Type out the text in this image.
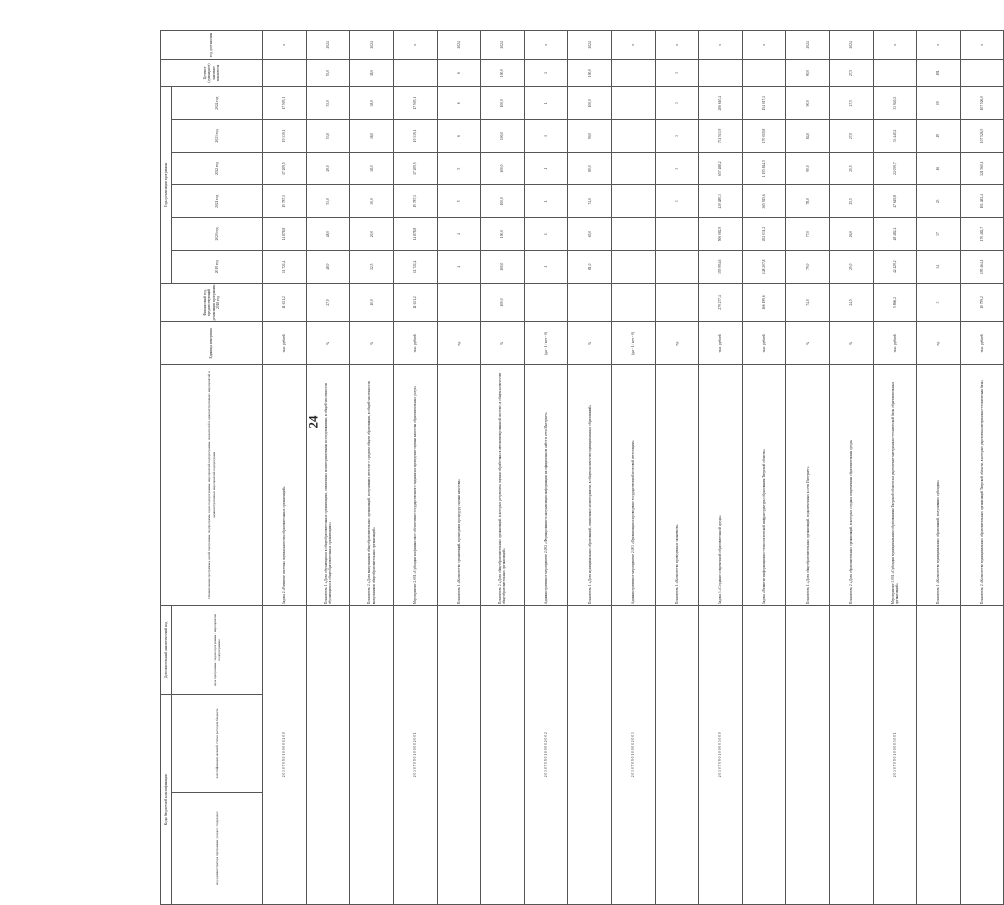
24
Коды бюджетной классификации		Дополнительный аналитический код	Наименование программы, целей программы, подпрограмм, задач подпрограммы, мероприятий подпрограммы, показателей и административных мероприятий и административных мероприятий подпрограмм	Единица измерения	Финансовый год, предшествующий реализации программы 2018 год	Годы реализации программы						Целевое (суммарное) значение показателя	год достижения
код администратора программы / раздел / подраздел	классификация целевой статьи расходов бюджета	цель программы / задача программы / мероприятие подпрограммы				2019 год	2020 год	2021 год	2022 год	2023 год	2024 год		
2 0 3 0 7 0 9 0 1 0 0 0 0 0 2 0 0			Задача 2 «Развитие системы оценки качества образовательных организаций»	тыс. рублей	11 631,2	11 721,4	14 878,8	15 787,1	17 209,5	19 339,1	17 505,1		х
			Показатель 1 «Доля обучающихся в общеобразовательных организациях, охваченных мониторинговыми исследованиями, в общей численности обучающихся в общеобразовательных организациях»	%	27,0	48,0	48,0	53,0	49,0	53,0	53,0	53,0	2024
			Показатель 2 «Доля выпускников общеобразовательных организаций, получивших аттестат о среднем общем образовании, в общей численности выпускников общеобразовательных организаций»	%	10,0	12,5	20,0	30,0	38,0	38,0	38,0	38,0	2024
2 0 3 0 7 0 9 0 1 0 0 0 0 2 0 0 1			Мероприятие 2.001 «Субсидии на финансовое обеспечение государственного задания на проведение оценки качества образовательных услуг»	тыс. рублей	11 631,2	11 721,4	14 878,8	15 787,1	17 209,5	19 339,1	17 505,1		х
			Показатель 1 «Количество организаций, прошедших процедуру оценки качества»	ед.		4	4	5	5	6	6	6	2024
			Показатель 2 «Доля общеобразовательных организаций, в которых результаты оценки обработаны в автоматизированной системе, в общем количестве общеобразовательных организаций»	%	100,0	100,0	100,0	100,0	100,0	100,0	100,0	100,0	2024
2 0 3 0 7 0 9 0 1 0 0 0 0 2 0 0 2			Административное мероприятие 2.002 «Формирование и актуализация информации на официальном сайте в сети Интернет»	(да - 1 / нет - 0)		1	1	1	1	1	1	1	х
			Показатель 1 «Доля муниципальных образований, охваченных мониторингом, в общем количестве муниципальных образований»	%		81,0	65,0	74,0	80,0	90,0	100,0	100,0	2024
2 0 3 0 7 0 9 0 1 0 0 0 0 2 0 0 3			Административное мероприятие 2.003 «Организация и проведение государственной итоговой аттестации»	(да - 1 / нет - 0)									х
			Показатель 1 «Количество проведенных экзаменов»	ед.				3	3	3	3	3	х
2 0 3 0 7 0 9 0 1 0 0 0 0 3 0 0 0			Задача 3 «Создание современной образовательной среды»	тыс. рублей	279 277,4	355 994,6	506 082,9	430 480,3	657 488,2	731 513,9	206 610,4		х
			Задача «Развитие информационно-технологической инфраструктуры образования Тверской области»	тыс. рублей	166 199,6	148 207,8	452 031,2	365 925,6	1 155 844,5	170 019,8	154 017,1		х
			Показатель 1 «Доля общеобразовательных организаций, подключенных к сети Интернет»	%	74,0	79,0	77,0	78,0	90,0	84,0	90,0	90,0	2024
			Показатель 2 «Доля образовательных организаций, в которых создана современная образовательная среда»	%	24,5	25,0	26,0	25,5	25,5	27,0	27,5	27,5	2024
2 0 3 0 7 0 9 0 1 0 0 0 0 3 0 0 1			Мероприятие 3.001 «Субсидии муниципальным образованиям Тверской области на укрепление материально-технической базы образовательных организаций»	тыс. рублей	5 866,2	42 429,2	48 482,4	47 649,8	24 039,7	33 440,2	33 940,2		х
			Показатель 1 «Количество муниципальных образований, получивших субсидии»	ед.	3	34	37	23	16	19	19	191	х
			Показатель 2 «Количество муниципальных образовательных организаций Тверской области, в которых укреплена материально-техническая база»	тыс. рублей	10 759,2	195 464,1	170 482,7	101 482,4	121 560,1	107 526,5	107 526,0		х
